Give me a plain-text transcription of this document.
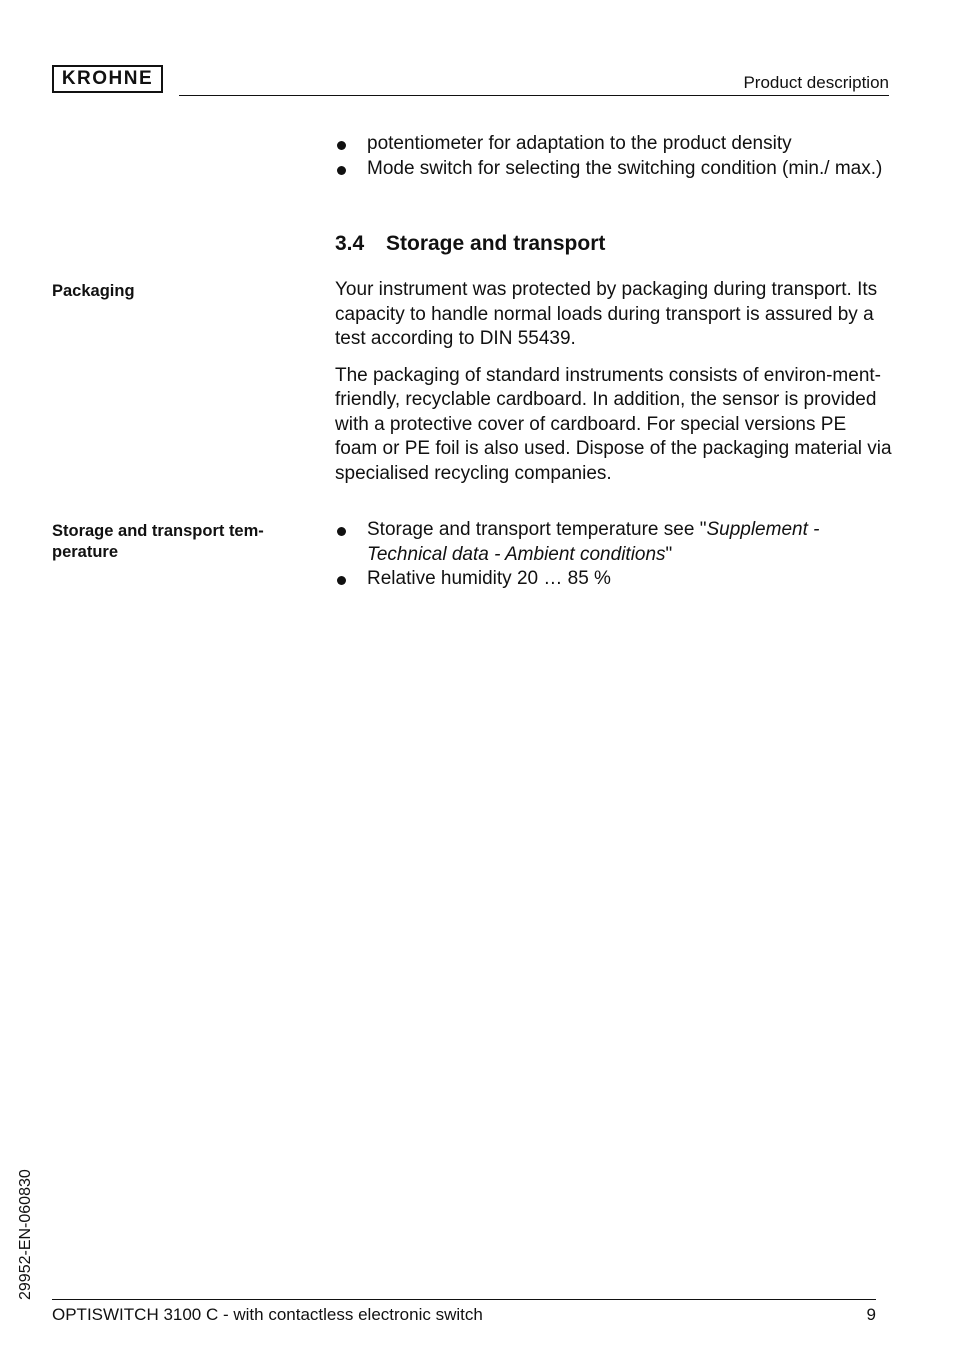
KROHNE	Product description
potentiometer for adaptation to the product density
Mode switch for selecting the switching condition (min./ max.)
3.4 Storage and transport
Packaging	Your instrument was protected by packaging during transport. Its capacity to handle normal loads during transport is assured by a test according to DIN 55439.

The packaging of standard instruments consists of environ-ment-friendly, recyclable cardboard. In addition, the sensor is provided with a protective cover of cardboard. For special versions PE foam or PE foil is also used. Dispose of the packaging material via specialised recycling companies.

Storage and transport tem-perature
Storage and transport temperature see "Supplement - Technical data - Ambient conditions"
Relative humidity 20 … 85 %
29952-EN-060830
OPTISWITCH 3100 C - with contactless electronic switch	9
